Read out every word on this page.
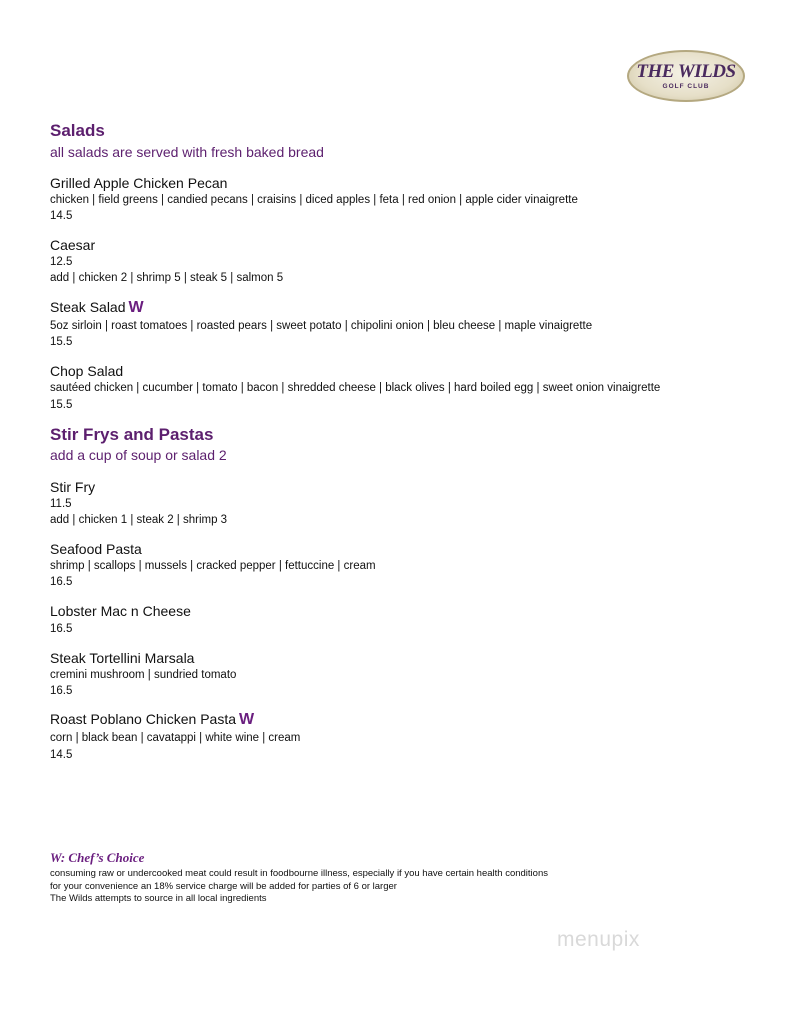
THE WILDS
GOLF CLUB
Salads
all salads are served with fresh baked bread
Grilled Apple Chicken Pecan
chicken | field greens | candied pecans | craisins | diced apples | feta | red onion | apple cider vinaigrette
14.5
Caesar
12.5
add | chicken 2 | shrimp 5 | steak 5 | salmon 5
Steak Salad W
5oz sirloin | roast tomatoes | roasted pears | sweet potato | chipolini onion | bleu cheese | maple vinaigrette
15.5
Chop Salad
sautéed chicken | cucumber | tomato | bacon | shredded cheese | black olives | hard boiled egg | sweet onion vinaigrette
15.5
Stir Frys and Pastas
add a cup of soup or salad 2
Stir Fry
11.5
add | chicken 1 | steak 2 | shrimp 3
Seafood Pasta
shrimp | scallops | mussels | cracked pepper | fettuccine | cream
16.5
Lobster Mac n Cheese
16.5
Steak Tortellini Marsala
cremini mushroom | sundried tomato
16.5
Roast Poblano Chicken Pasta W
corn | black bean | cavatappi | white wine | cream
14.5
W: Chef’s Choice
consuming raw or undercooked meat could result in foodbourne illness, especially if you have certain health conditions
for your convenience an 18% service charge will be added for parties of 6 or larger
The Wilds attempts to source in all local ingredients
menupix
